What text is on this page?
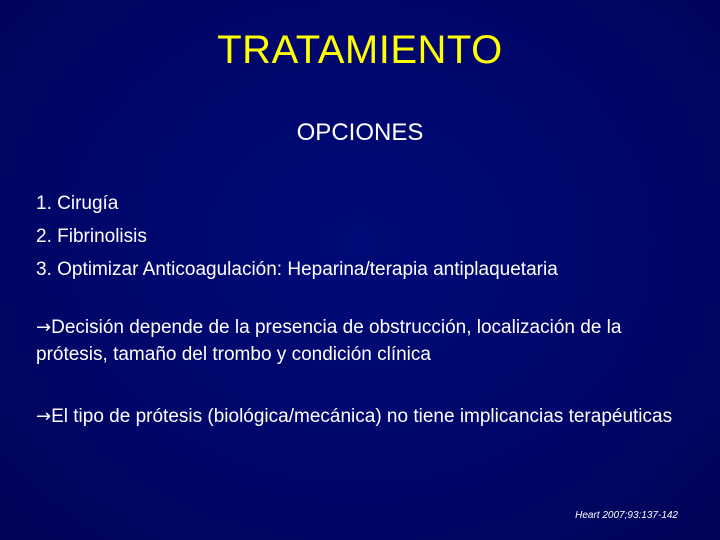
TRATAMIENTO
OPCIONES
1. Cirugía
2. Fibrinolisis
3. Optimizar Anticoagulación: Heparina/terapia antiplaquetaria

→Decisión depende de la presencia de obstrucción, localización de la prótesis, tamaño del trombo y condición clínica

→El tipo de prótesis (biológica/mecánica) no tiene implicancias terapéuticas

Heart 2007;93:137-142
